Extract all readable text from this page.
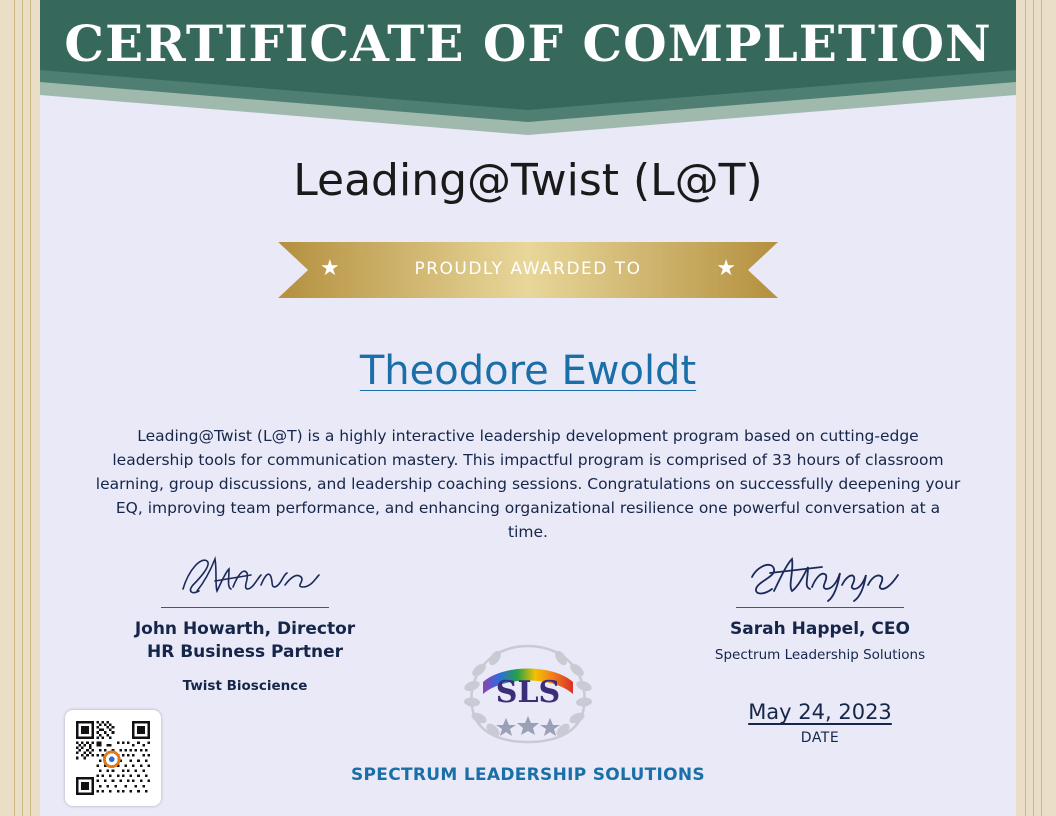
CERTIFICATE OF COMPLETION
Leading@Twist (L@T)
★	PROUDLY AWARDED TO	★
Theodore Ewoldt
Leading@Twist (L@T) is a highly interactive leadership development program based on cutting-edge leadership tools for communication mastery. This impactful program is comprised of 33 hours of classroom learning, group discussions, and leadership coaching sessions. Congratulations on successfully deepening your EQ, improving team performance, and enhancing organizational resilience one powerful conversation at a time.
John Howarth, Director
HR Business Partner
Twist Bioscience
Sarah Happel, CEO
Spectrum Leadership Solutions
May 24, 2023
DATE
SLS
SPECTRUM LEADERSHIP SOLUTIONS
